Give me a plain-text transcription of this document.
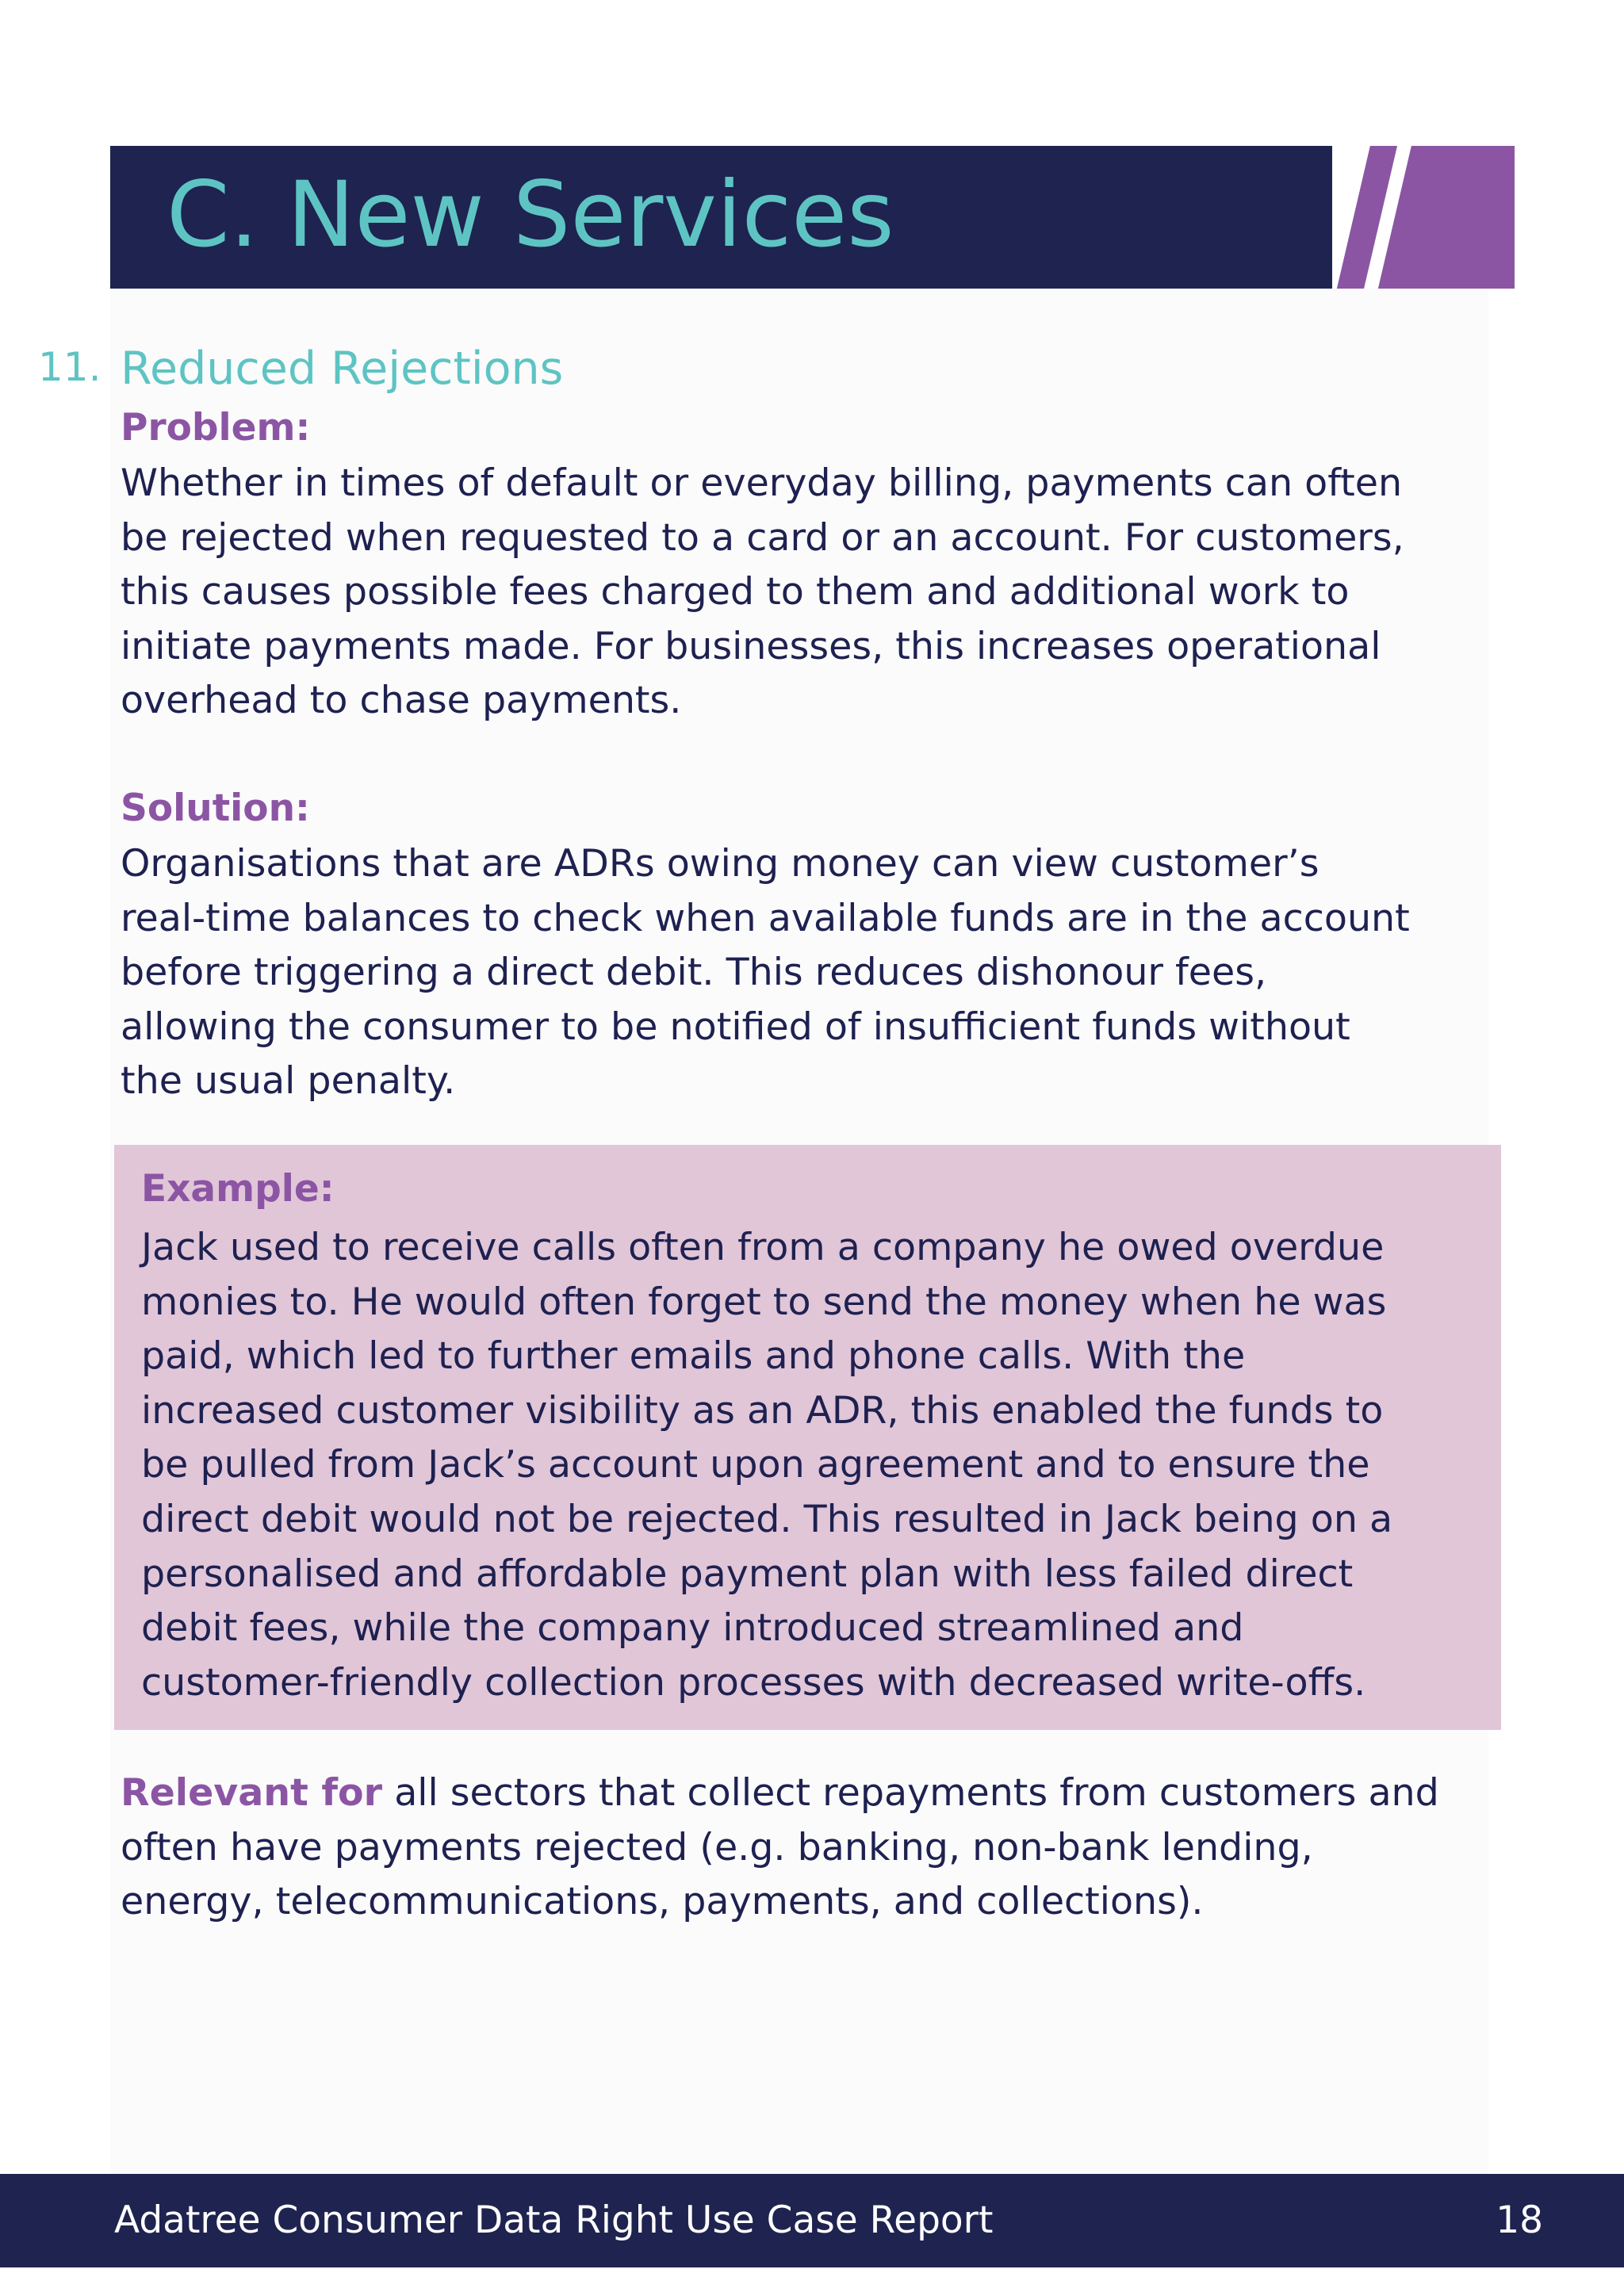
C. New Services
11. Reduced Rejections
Problem:
Whether in times of default or everyday billing, payments can often
be rejected when requested to a card or an account. For customers,
this causes possible fees charged to them and additional work to
initiate payments made. For businesses, this increases operational
overhead to chase payments.
Solution:
Organisations that are ADRs owing money can view customer’s
real-time balances to check when available funds are in the account
before triggering a direct debit. This reduces dishonour fees,
allowing the consumer to be notified of insufficient funds without
the usual penalty.
Example:
Jack used to receive calls often from a company he owed overdue
monies to. He would often forget to send the money when he was
paid, which led to further emails and phone calls. With the
increased customer visibility as an ADR, this enabled the funds to
be pulled from Jack’s account upon agreement and to ensure the
direct debit would not be rejected. This resulted in Jack being on a
personalised and affordable payment plan with less failed direct
debit fees, while the company introduced streamlined and
customer-friendly collection processes with decreased write-offs.
Relevant for all sectors that collect repayments from customers and
often have payments rejected (e.g. banking, non-bank lending,
energy, telecommunications, payments, and collections).
Adatree Consumer Data Right Use Case Report	18
